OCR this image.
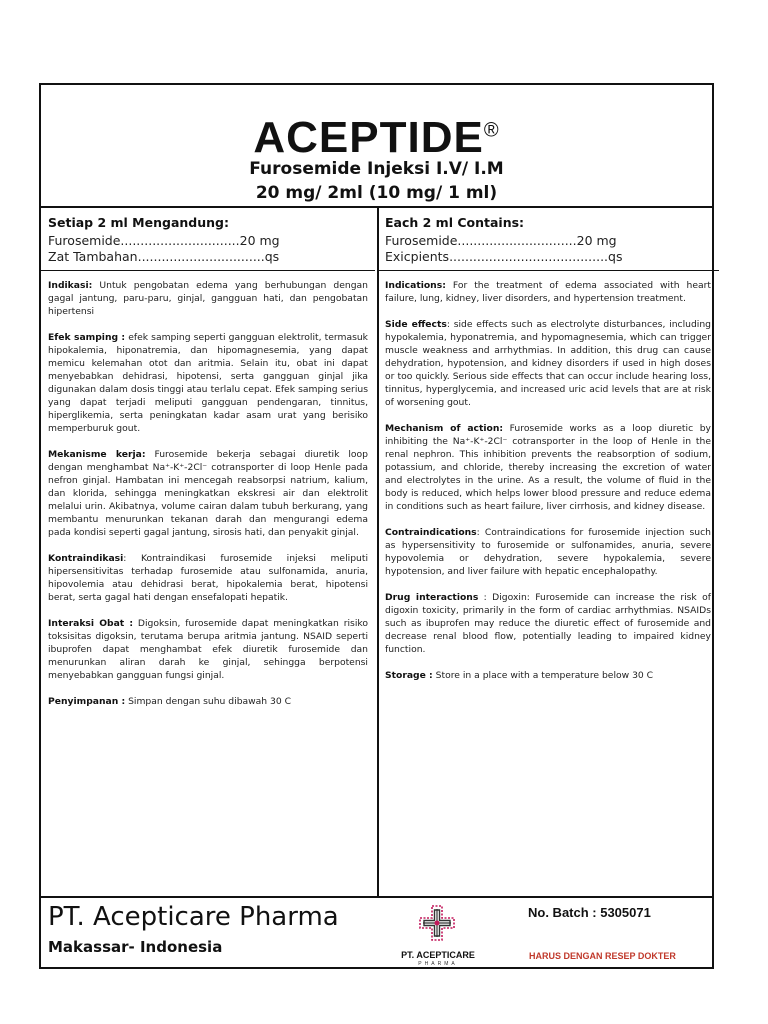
ACEPTIDE®
Furosemide Injeksi I.V/ I.M
20 mg/ 2ml (10 mg/ 1 ml)
Setiap 2 ml Mengandung:
Furosemide..............................20 mg
Zat Tambahan................................qs

Indikasi: Untuk pengobatan edema yang berhubungan dengan gagal jantung, paru-paru, ginjal, gangguan hati, dan pengobatan hipertensi

Efek samping : efek samping seperti gangguan elektrolit, termasuk hipokalemia, hiponatremia, dan hipomagnesemia, yang dapat memicu kelemahan otot dan aritmia. Selain itu, obat ini dapat menyebabkan dehidrasi, hipotensi, serta gangguan ginjal jika digunakan dalam dosis tinggi atau terlalu cepat. Efek samping serius yang dapat terjadi meliputi gangguan pendengaran, tinnitus, hiperglikemia, serta peningkatan kadar asam urat yang berisiko memperburuk gout.

Mekanisme kerja: Furosemide bekerja sebagai diuretik loop dengan menghambat Na⁺-K⁺-2Cl⁻ cotransporter di loop Henle pada nefron ginjal. Hambatan ini mencegah reabsorpsi natrium, kalium, dan klorida, sehingga meningkatkan ekskresi air dan elektrolit melalui urin. Akibatnya, volume cairan dalam tubuh berkurang, yang membantu menurunkan tekanan darah dan mengurangi edema pada kondisi seperti gagal jantung, sirosis hati, dan penyakit ginjal.

Kontraindikasi: Kontraindikasi furosemide injeksi meliputi hipersensitivitas terhadap furosemide atau sulfonamida, anuria, hipovolemia atau dehidrasi berat, hipokalemia berat, hipotensi berat, serta gagal hati dengan ensefalopati hepatik.

Interaksi Obat : Digoksin, furosemide dapat meningkatkan risiko toksisitas digoksin, terutama berupa aritmia jantung. NSAID seperti ibuprofen dapat menghambat efek diuretik furosemide dan menurunkan aliran darah ke ginjal, sehingga berpotensi menyebabkan gangguan fungsi ginjal.

Penyimpanan : Simpan dengan suhu dibawah 30 C

Each 2 ml Contains:
Furosemide..............................20 mg
Exicpients........................................qs

Indications: For the treatment of edema associated with heart failure, lung, kidney, liver disorders, and hypertension treatment.

Side effects: side effects such as electrolyte disturbances, including hypokalemia, hyponatremia, and hypomagnesemia, which can trigger muscle weakness and arrhythmias. In addition, this drug can cause dehydration, hypotension, and kidney disorders if used in high doses or too quickly. Serious side effects that can occur include hearing loss, tinnitus, hyperglycemia, and increased uric acid levels that are at risk of worsening gout.

Mechanism of action: Furosemide works as a loop diuretic by inhibiting the Na⁺-K⁺-2Cl⁻ cotransporter in the loop of Henle in the renal nephron. This inhibition prevents the reabsorption of sodium, potassium, and chloride, thereby increasing the excretion of water and electrolytes in the urine. As a result, the volume of fluid in the body is reduced, which helps lower blood pressure and reduce edema in conditions such as heart failure, liver cirrhosis, and kidney disease.

Contraindications: Contraindications for furosemide injection such as hypersensitivity to furosemide or sulfonamides, anuria, severe hypovolemia or dehydration, severe hypokalemia, severe hypotension, and liver failure with hepatic encephalopathy.

Drug interactions : Digoxin: Furosemide can increase the risk of digoxin toxicity, primarily in the form of cardiac arrhythmias. NSAIDs such as ibuprofen may reduce the diuretic effect of furosemide and decrease renal blood flow, potentially leading to impaired kidney function.

Storage : Store in a place with a temperature below 30 C

PT. Acepticare Pharma
Makassar- Indonesia	PT. ACEPTICARE
PHARMA
No. Batch : 5305071
HARUS DENGAN RESEP DOKTER
